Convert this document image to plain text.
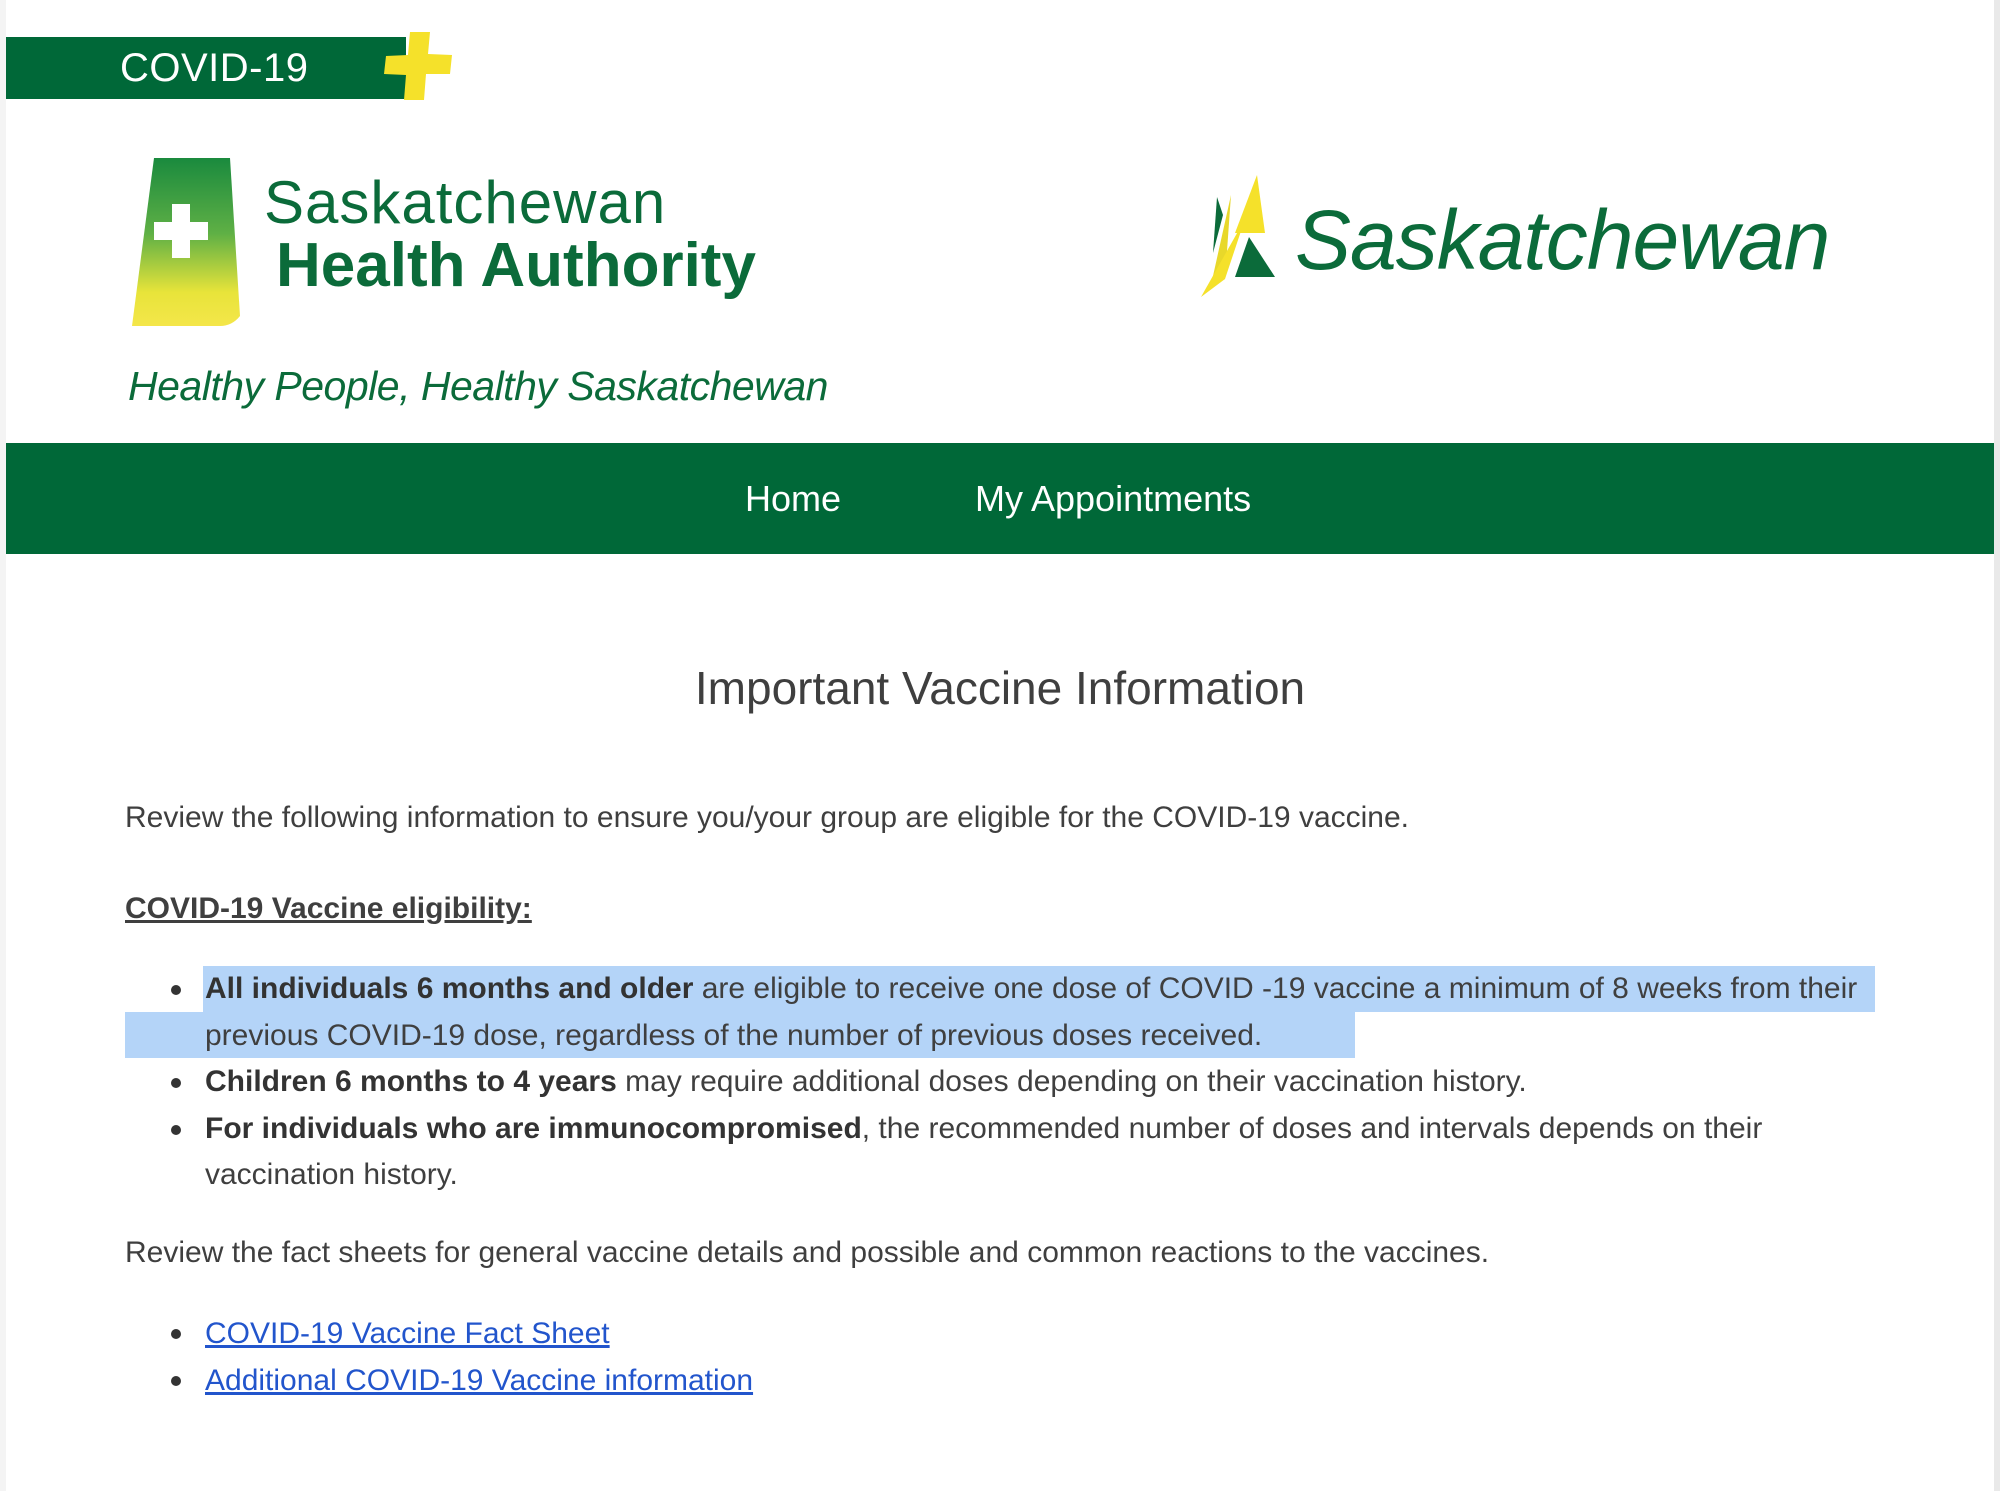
COVID-19
Saskatchewan
Health Authority
Healthy People, Healthy Saskatchewan
Saskatchewan
Home	My Appointments
Important Vaccine Information
Review the following information to ensure you/your group are eligible for the COVID-19 vaccine.
COVID-19 Vaccine eligibility:
All individuals 6 months and older are eligible to receive one dose of COVID -19 vaccine a minimum of 8 weeks from their previous COVID-19 dose, regardless of the number of previous doses received.
Children 6 months to 4 years may require additional doses depending on their vaccination history.
For individuals who are immunocompromised, the recommended number of doses and intervals depends on their vaccination history.
Review the fact sheets for general vaccine details and possible and common reactions to the vaccines.
COVID-19 Vaccine Fact Sheet
Additional COVID-19 Vaccine information
